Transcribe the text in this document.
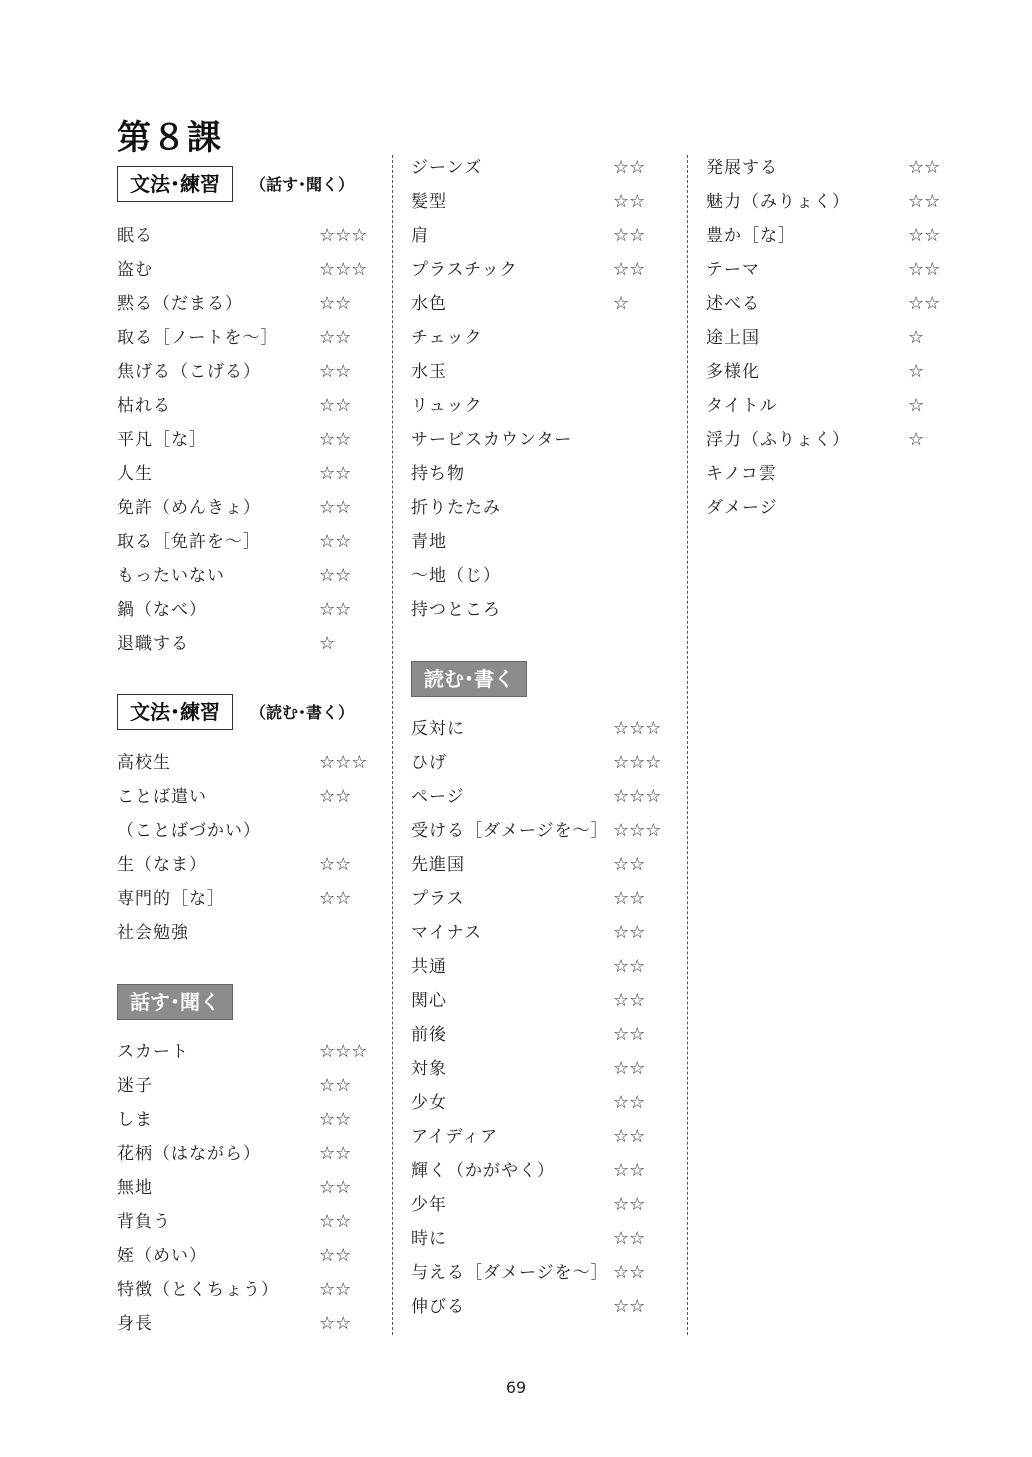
第８課
文法･練習	（話す･聞く）
眠る	☆☆☆
盗む	☆☆☆
黙る（だまる）	☆☆
取る［ノートを～］ ☆☆
焦げる（こげる）	☆☆
枯れる	☆☆
平凡［な］	☆☆
人生	☆☆
免許（めんきょ）	☆☆
取る［免許を～］	☆☆
もったいない	☆☆
鍋（なべ）	☆☆
退職する	☆
文法･練習	（読む･書く）
高校生	☆☆☆
ことば遣い	☆☆
（ことばづかい）
生（なま）	☆☆
専門的［な］	☆☆
社会勉強
話す･聞く
スカート	☆☆☆
迷子	☆☆
しま	☆☆
花柄（はながら）	☆☆
無地	☆☆
背負う	☆☆
姪（めい）	☆☆
特徴（とくちょう） ☆☆
身長	☆☆
ジーンズ	☆☆
髪型	☆☆
肩	☆☆
プラスチック	☆☆
水色	☆
チェック
水玉
リュック
サービスカウンター
持ち物
折りたたみ
青地
～地（じ）
持つところ
読む･書く
反対に	☆☆☆
ひげ	☆☆☆
ページ	☆☆☆
受ける［ダメージを～］ ☆☆☆
先進国	☆☆
プラス	☆☆
マイナス	☆☆
共通	☆☆
関心	☆☆
前後	☆☆
対象	☆☆
少女	☆☆
アイディア	☆☆
輝く（かがやく）	☆☆
少年	☆☆
時に	☆☆
与える［ダメージを～］ ☆☆
伸びる	☆☆
発展する	☆☆
魅力（みりょく）	☆☆
豊か［な］	☆☆
テーマ	☆☆
述べる	☆☆
途上国	☆
多様化	☆
タイトル	☆
浮力（ふりょく）	☆
キノコ雲
ダメージ
69
